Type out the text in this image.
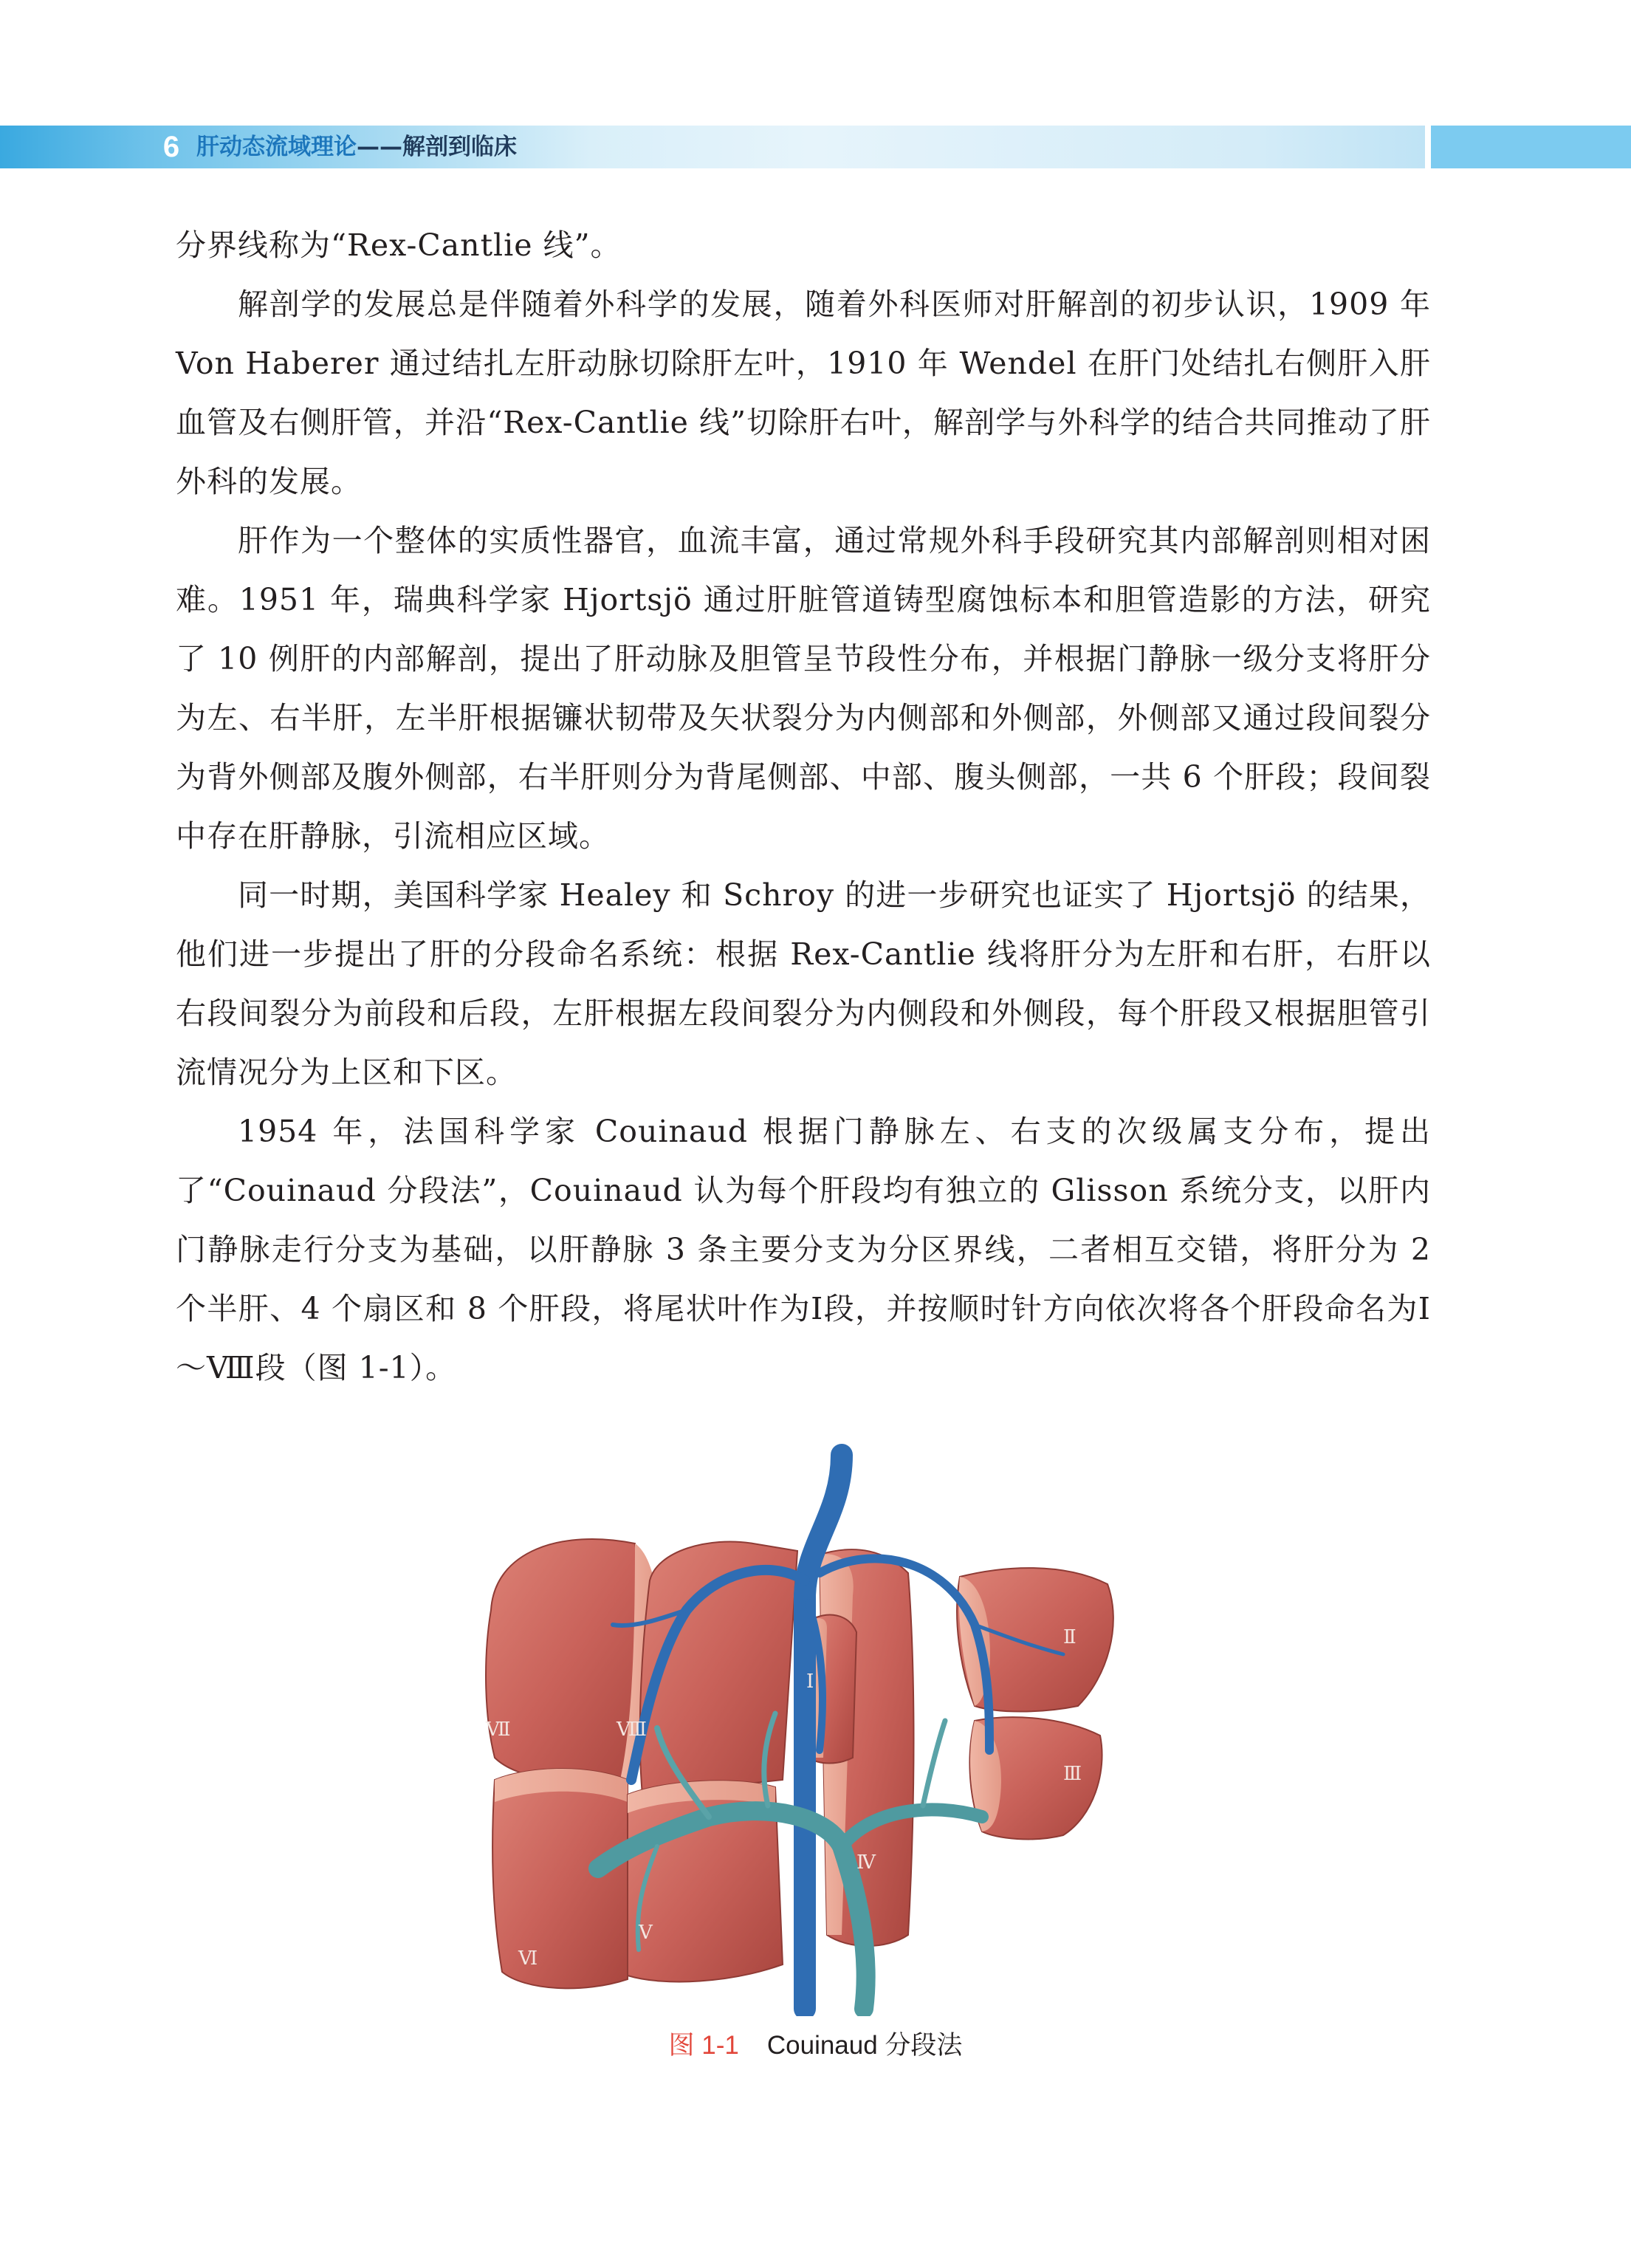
6 肝动态流域理论——解剖到临床

分界线称为“Rex-Cantlie 线”。

解剖学的发展总是伴随着外科学的发展，随着外科医师对肝解剖的初步认识，1909 年 Von Haberer 通过结扎左肝动脉切除肝左叶，1910 年 Wendel 在肝门处结扎右侧肝入肝血管及右侧肝管，并沿“Rex-Cantlie 线”切除肝右叶，解剖学与外科学的结合共同推动了肝外科的发展。

肝作为一个整体的实质性器官，血流丰富，通过常规外科手段研究其内部解剖则相对困难。1951 年，瑞典科学家 Hjortsjö 通过肝脏管道铸型腐蚀标本和胆管造影的方法，研究了 10 例肝的内部解剖，提出了肝动脉及胆管呈节段性分布，并根据门静脉一级分支将肝分为左、右半肝，左半肝根据镰状韧带及矢状裂分为内侧部和外侧部，外侧部又通过段间裂分为背外侧部及腹外侧部，右半肝则分为背尾侧部、中部、腹头侧部，一共 6 个肝段；段间裂中存在肝静脉，引流相应区域。

同一时期，美国科学家 Healey 和 Schroy 的进一步研究也证实了 Hjortsjö 的结果，他们进一步提出了肝的分段命名系统：根据 Rex-Cantlie 线将肝分为左肝和右肝，右肝以右段间裂分为前段和后段，左肝根据左段间裂分为内侧段和外侧段，每个肝段又根据胆管引流情况分为上区和下区。

1954 年，法国科学家 Couinaud 根据门静脉左、右支的次级属支分布，提出了“Couinaud 分段法”，Couinaud 认为每个肝段均有独立的 Glisson 系统分支，以肝内门静脉走行分支为基础，以肝静脉 3 条主要分支为分区界线，二者相互交错，将肝分为 2 个半肝、4 个扇区和 8 个肝段，将尾状叶作为Ⅰ段，并按顺时针方向依次将各个肝段命名为Ⅰ～Ⅷ段（图 1-1）。

Ⅰ
Ⅱ
Ⅲ
Ⅳ
Ⅴ
Ⅵ
Ⅶ	Ⅷ
图 1-1 Couinaud 分段法
